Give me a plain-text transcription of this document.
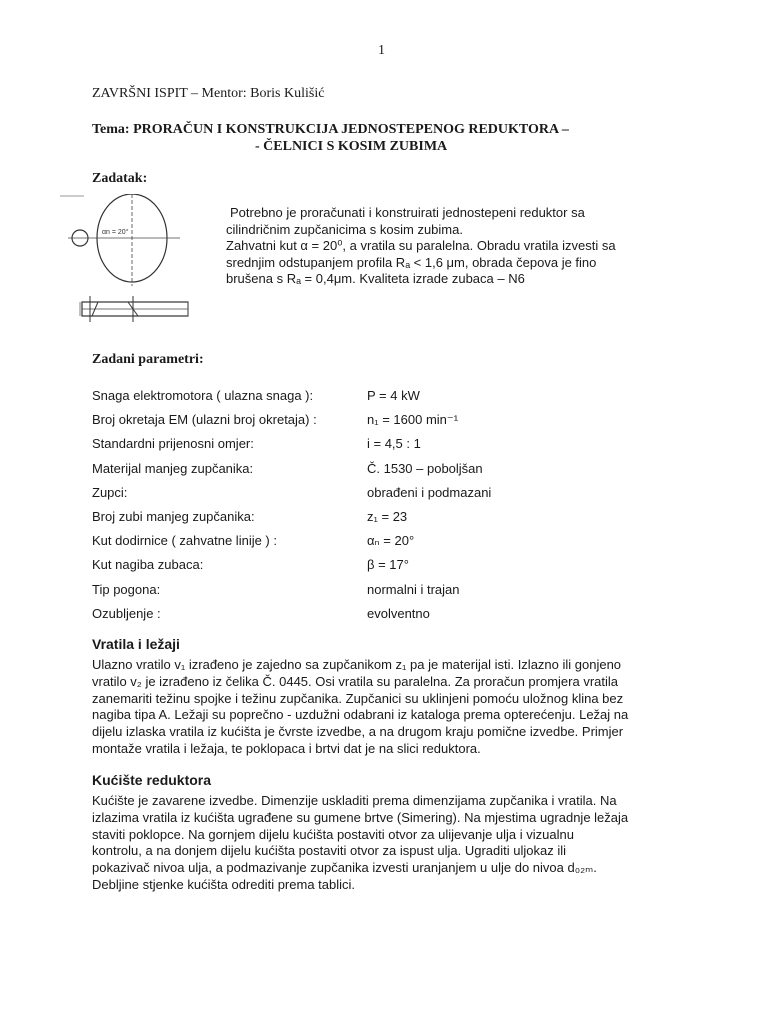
1
ZAVRŠNI ISPIT – Mentor: Boris Kulišić
Tema: PRORAČUN I KONSTRUKCIJA JEDNOSTEPENOG REDUKTORA –
- ČELNICI S KOSIM ZUBIMA
Zadatak:
αn = 20°

Potrebno je proračunati i konstruirati jednostepeni reduktor sa

cilindričnim zupčanicima s kosim zubima.

Zahvatni kut α = 20⁰, a vratila su paralelna. Obradu vratila izvesti sa

srednjim odstupanjem profila Rₐ < 1,6 μm, obrada čepova je fino

brušena s Rₐ = 0,4μm. Kvaliteta izrade zubaca – N6

Zadani parametri:
Snaga elektromotora ( ulazna snaga ):	P = 4 kW
Broj okretaja EM (ulazni broj okretaja) :	n₁ = 1600 min⁻¹
Standardni prijenosni omjer:	i = 4,5 : 1
Materijal manjeg zupčanika:	Č. 1530 – poboljšan
Zupci:	obrađeni i podmazani
Broj zubi manjeg zupčanika:	z₁ = 23
Kut dodirnice ( zahvatne linije ) :	αₙ = 20°
Kut nagiba zubaca:	β = 17°
Tip pogona:	normalni i trajan
Ozubljenje :	evolventno
Vratila i ležaji

Ulazno vratilo v₁ izrađeno je zajedno sa zupčanikom z₁ pa je materijal isti. Izlazno ili gonjeno

vratilo v₂ je izrađeno iz čelika Č. 0445. Osi vratila su paralelna. Za proračun promjera vratila

zanemariti težinu spojke i težinu zupčanika. Zupčanici su uklinjeni pomoću uložnog klina bez

nagiba tipa A. Ležaji su poprečno - uzdužni odabrani iz kataloga prema opterećenju. Ležaj na

dijelu izlaska vratila iz kućišta je čvrste izvedbe, a na drugom kraju pomične izvedbe. Primjer

montaže vratila i ležaja, te poklopaca i brtvi dat je na slici reduktora.

Kućište reduktora

Kućište je zavarene izvedbe. Dimenzije uskladiti prema dimenzijama zupčanika i vratila. Na

izlazima vratila iz kućišta ugrađene su gumene brtve (Simering). Na mjestima ugradnje ležaja

staviti poklopce. Na gornjem dijelu kućišta postaviti otvor za ulijevanje ulja i vizualnu

kontrolu, a na donjem dijelu kućišta postaviti otvor za ispust ulja. Ugraditi uljokaz ili

pokazivač nivoa ulja, a podmazivanje zupčanika izvesti uranjanjem u ulje do nivoa d₀₂ₘ.

Debljine stjenke kućišta odrediti prema tablici.
